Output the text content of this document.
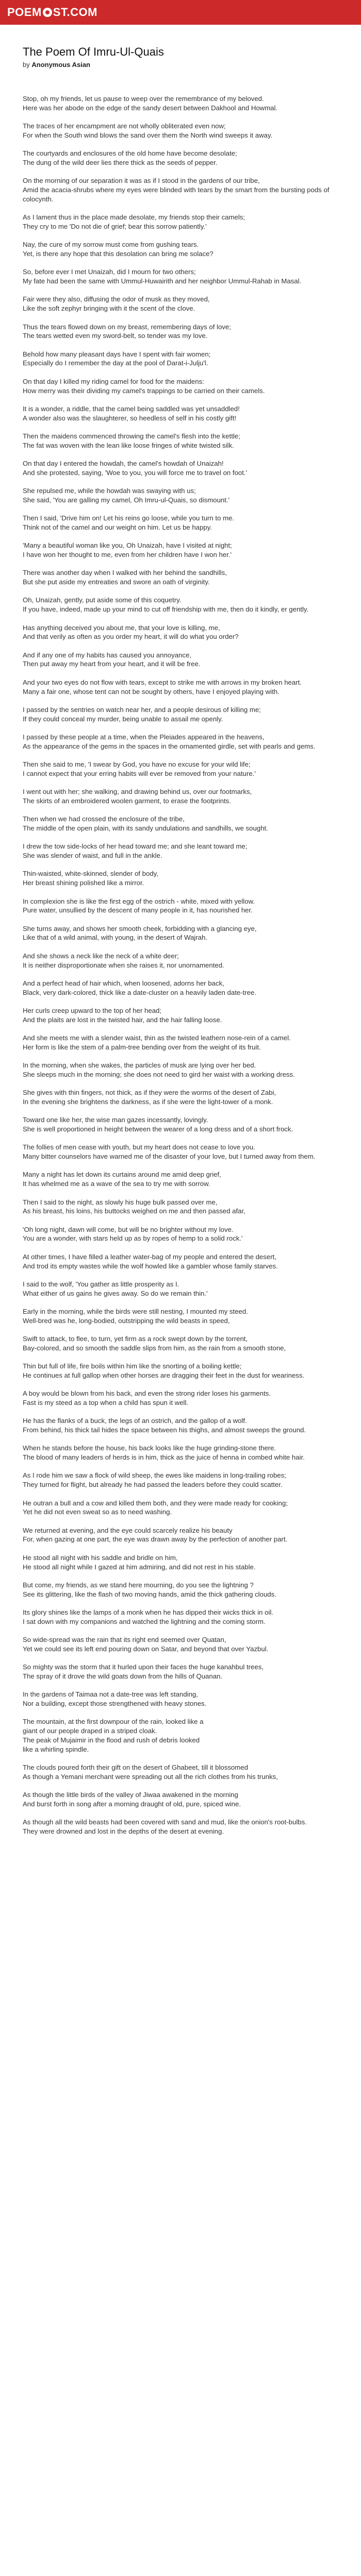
POEM ST.COM
The Poem Of Imru-Ul-Quais

by Anonymous Asian

Stop, oh my friends, let us pause to weep over the remembrance of my beloved.
Here was her abode on the edge of the sandy desert between Dakhool and Howmal.

The traces of her encampment are not wholly obliterated even now;
For when the South wind blows the sand over them the North wind sweeps it away.

The courtyards and enclosures of the old home have become desolate;
The dung of the wild deer lies there thick as the seeds of pepper.

On the morning of our separation it was as if I stood in the gardens of our tribe,
Amid the acacia-shrubs where my eyes were blinded with tears by the smart from the bursting pods of colocynth.

As I lament thus in the place made desolate, my friends stop their camels;
They cry to me 'Do not die of grief; bear this sorrow patiently.'

Nay, the cure of my sorrow must come from gushing tears.
Yet, is there any hope that this desolation can bring me solace?

So, before ever I met Unaizah, did I mourn for two others;
My fate had been the same with Ummul-Huwairith and her neighbor Ummul-Rahab in Masal.

Fair were they also, diffusing the odor of musk as they moved,
Like the soft zephyr bringing with it the scent of the clove.

Thus the tears flowed down on my breast, remembering days of love;
The tears wetted even my sword-belt, so tender was my love.

Behold how many pleasant days have I spent with fair women;
Especially do I remember the day at the pool of Darat-i-Julju'l.

On that day I killed my riding camel for food for the maidens:
How merry was their dividing my camel's trappings to be carried on their camels.

It is a wonder, a riddle, that the camel being saddled was yet unsaddled!
A wonder also was the slaughterer, so heedless of self in his costly gift!

Then the maidens commenced throwing the camel's flesh into the kettle;
The fat was woven with the lean like loose fringes of white twisted silk.

On that day I entered the howdah, the camel's howdah of Unaizah!
And she protested, saying, 'Woe to you, you will force me to travel on foot.'

She repulsed me, while the howdah was swaying with us;
She said, 'You are galling my camel, Oh Imru-ul-Quais, so dismount.'

Then I said, 'Drive him on! Let his reins go loose, while you turn to me.
Think not of the camel and our weight on him. Let us be happy.

'Many a beautiful woman like you, Oh Unaizah, have I visited at night;
I have won her thought to me, even from her children have I won her.'

There was another day when I walked with her behind the sandhills,
But she put aside my entreaties and swore an oath of virginity.

Oh, Unaizah, gently, put aside some of this coquetry.
If you have, indeed, made up your mind to cut off friendship with me, then do it kindly, er gently.

Has anything deceived you about me, that your love is killing, me,
And that verily as often as you order my heart, it will do what you order?

And if any one of my habits has caused you annoyance,
Then put away my heart from your heart, and it will be free.

And your two eyes do not flow with tears, except to strike me with arrows in my broken heart.
Many a fair one, whose tent can not be sought by others, have I enjoyed playing with.

I passed by the sentries on watch near her, and a people desirous of killing me;
If they could conceal my murder, being unable to assail me openly.

I passed by these people at a time, when the Pleiades appeared in the heavens,
As the appearance of the gems in the spaces in the ornamented girdle, set with pearls and gems.

Then she said to me, 'I swear by God, you have no excuse for your wild life;
I cannot expect that your erring habits will ever be removed from your nature.'

I went out with her; she walking, and drawing behind us, over our footmarks,
The skirts of an embroidered woolen garment, to erase the footprints.

Then when we had crossed the enclosure of the tribe,
The middle of the open plain, with its sandy undulations and sandhills, we sought.

I drew the tow side-locks of her head toward me; and she leant toward me;
She was slender of waist, and full in the ankle.

Thin-waisted, white-skinned, slender of body,
Her breast shining polished like a mirror.

In complexion she is like the first egg of the ostrich - white, mixed with yellow.
Pure water, unsullied by the descent of many people in it, has nourished her.

She turns away, and shows her smooth cheek, forbidding with a glancing eye,
Like that of a wild animal, with young, in the desert of Wajrah.

And she shows a neck like the neck of a white deer;
It is neither disproportionate when she raises it, nor unornamented.

And a perfect head of hair which, when loosened, adorns her back,
Black, very dark-colored, thick like a date-cluster on a heavily laden date-tree.

Her curls creep upward to the top of her head;
And the plaits are lost in the twisted hair, and the hair falling loose.

And she meets me with a slender waist, thin as the twisted leathern nose-rein of a camel.
Her form is like the stem of a palm-tree bending over from the weight of its fruit.

In the morning, when she wakes, the particles of musk are lying over her bed.
She sleeps much in the morning; she does not need to gird her waist with a working dress.

She gives with thin fingers, not thick, as if they were the worms of the desert of Zabi,
In the evening she brightens the darkness, as if she were the light-tower of a monk.

Toward one like her, the wise man gazes incessantly, lovingly.
She is well proportioned in height between the wearer of a long dress and of a short frock.

The follies of men cease with youth, but my heart does not cease to love you.
Many bitter counselors have warned me of the disaster of your love, but I turned away from them.

Many a night has let down its curtains around me amid deep grief,
It has whelmed me as a wave of the sea to try me with sorrow.

Then I said to the night, as slowly his huge bulk passed over me,
As his breast, his loins, his buttocks weighed on me and then passed afar,

'Oh long night, dawn will come, but will be no brighter without my love.
You are a wonder, with stars held up as by ropes of hemp to a solid rock.'

At other times, I have filled a leather water-bag of my people and entered the desert,
And trod its empty wastes while the wolf howled like a gambler whose family starves.

I said to the wolf, 'You gather as little prosperity as I.
What either of us gains he gives away. So do we remain thin.'

Early in the morning, while the birds were still nesting, I mounted my steed.
Well-bred was he, long-bodied, outstripping the wild beasts in speed,

Swift to attack, to flee, to turn, yet firm as a rock swept down by the torrent,
Bay-colored, and so smooth the saddle slips from him, as the rain from a smooth stone,

Thin but full of life, fire boils within him like the snorting of a boiling kettle;
He continues at full gallop when other horses are dragging their feet in the dust for weariness.

A boy would be blown from his back, and even the strong rider loses his garments.
Fast is my steed as a top when a child has spun it well.

He has the flanks of a buck, the legs of an ostrich, and the gallop of a wolf.
From behind, his thick tail hides the space between his thighs, and almost sweeps the ground.

When he stands before the house, his back looks like the huge grinding-stone there.
The blood of many leaders of herds is in him, thick as the juice of henna in combed white hair.

As I rode him we saw a flock of wild sheep, the ewes like maidens in long-trailing robes;
They turned for flight, but already he had passed the leaders before they could scatter.

He outran a bull and a cow and killed them both, and they were made ready for cooking;
Yet he did not even sweat so as to need washing.

We returned at evening, and the eye could scarcely realize his beauty
For, when gazing at one part, the eye was drawn away by the perfection of another part.

He stood all night with his saddle and bridle on him,
He stood all night while I gazed at him admiring, and did not rest in his stable.

But come, my friends, as we stand here mourning, do you see the lightning ?
See its glittering, like the flash of two moving hands, amid the thick gathering clouds.

Its glory shines like the lamps of a monk when he has dipped their wicks thick in oil.
I sat down with my companions and watched the lightning and the coming storm.

So wide-spread was the rain that its right end seemed over Quatan,
Yet we could see its left end pouring down on Satar, and beyond that over Yazbul.

So mighty was the storm that it hurled upon their faces the huge kanahbul trees,
The spray of it drove the wild goats down from the hills of Quanan.

In the gardens of Taimaa not a date-tree was left standing,
Nor a building, except those strengthened with heavy stones.

The mountain, at the first downpour of the rain, looked like a
giant of our people draped in a striped cloak.
The peak of Mujaimir in the flood and rush of debris looked
like a whirling spindle.

The clouds poured forth their gift on the desert of Ghabeet, till it blossomed
As though a Yemani merchant were spreading out all the rich clothes from his trunks,

As though the little birds of the valley of Jiwaa awakened in the morning
And burst forth in song after a morning draught of old, pure, spiced wine.

As though all the wild beasts had been covered with sand and mud, like the onion's root-bulbs.
They were drowned and lost in the depths of the desert at evening.
